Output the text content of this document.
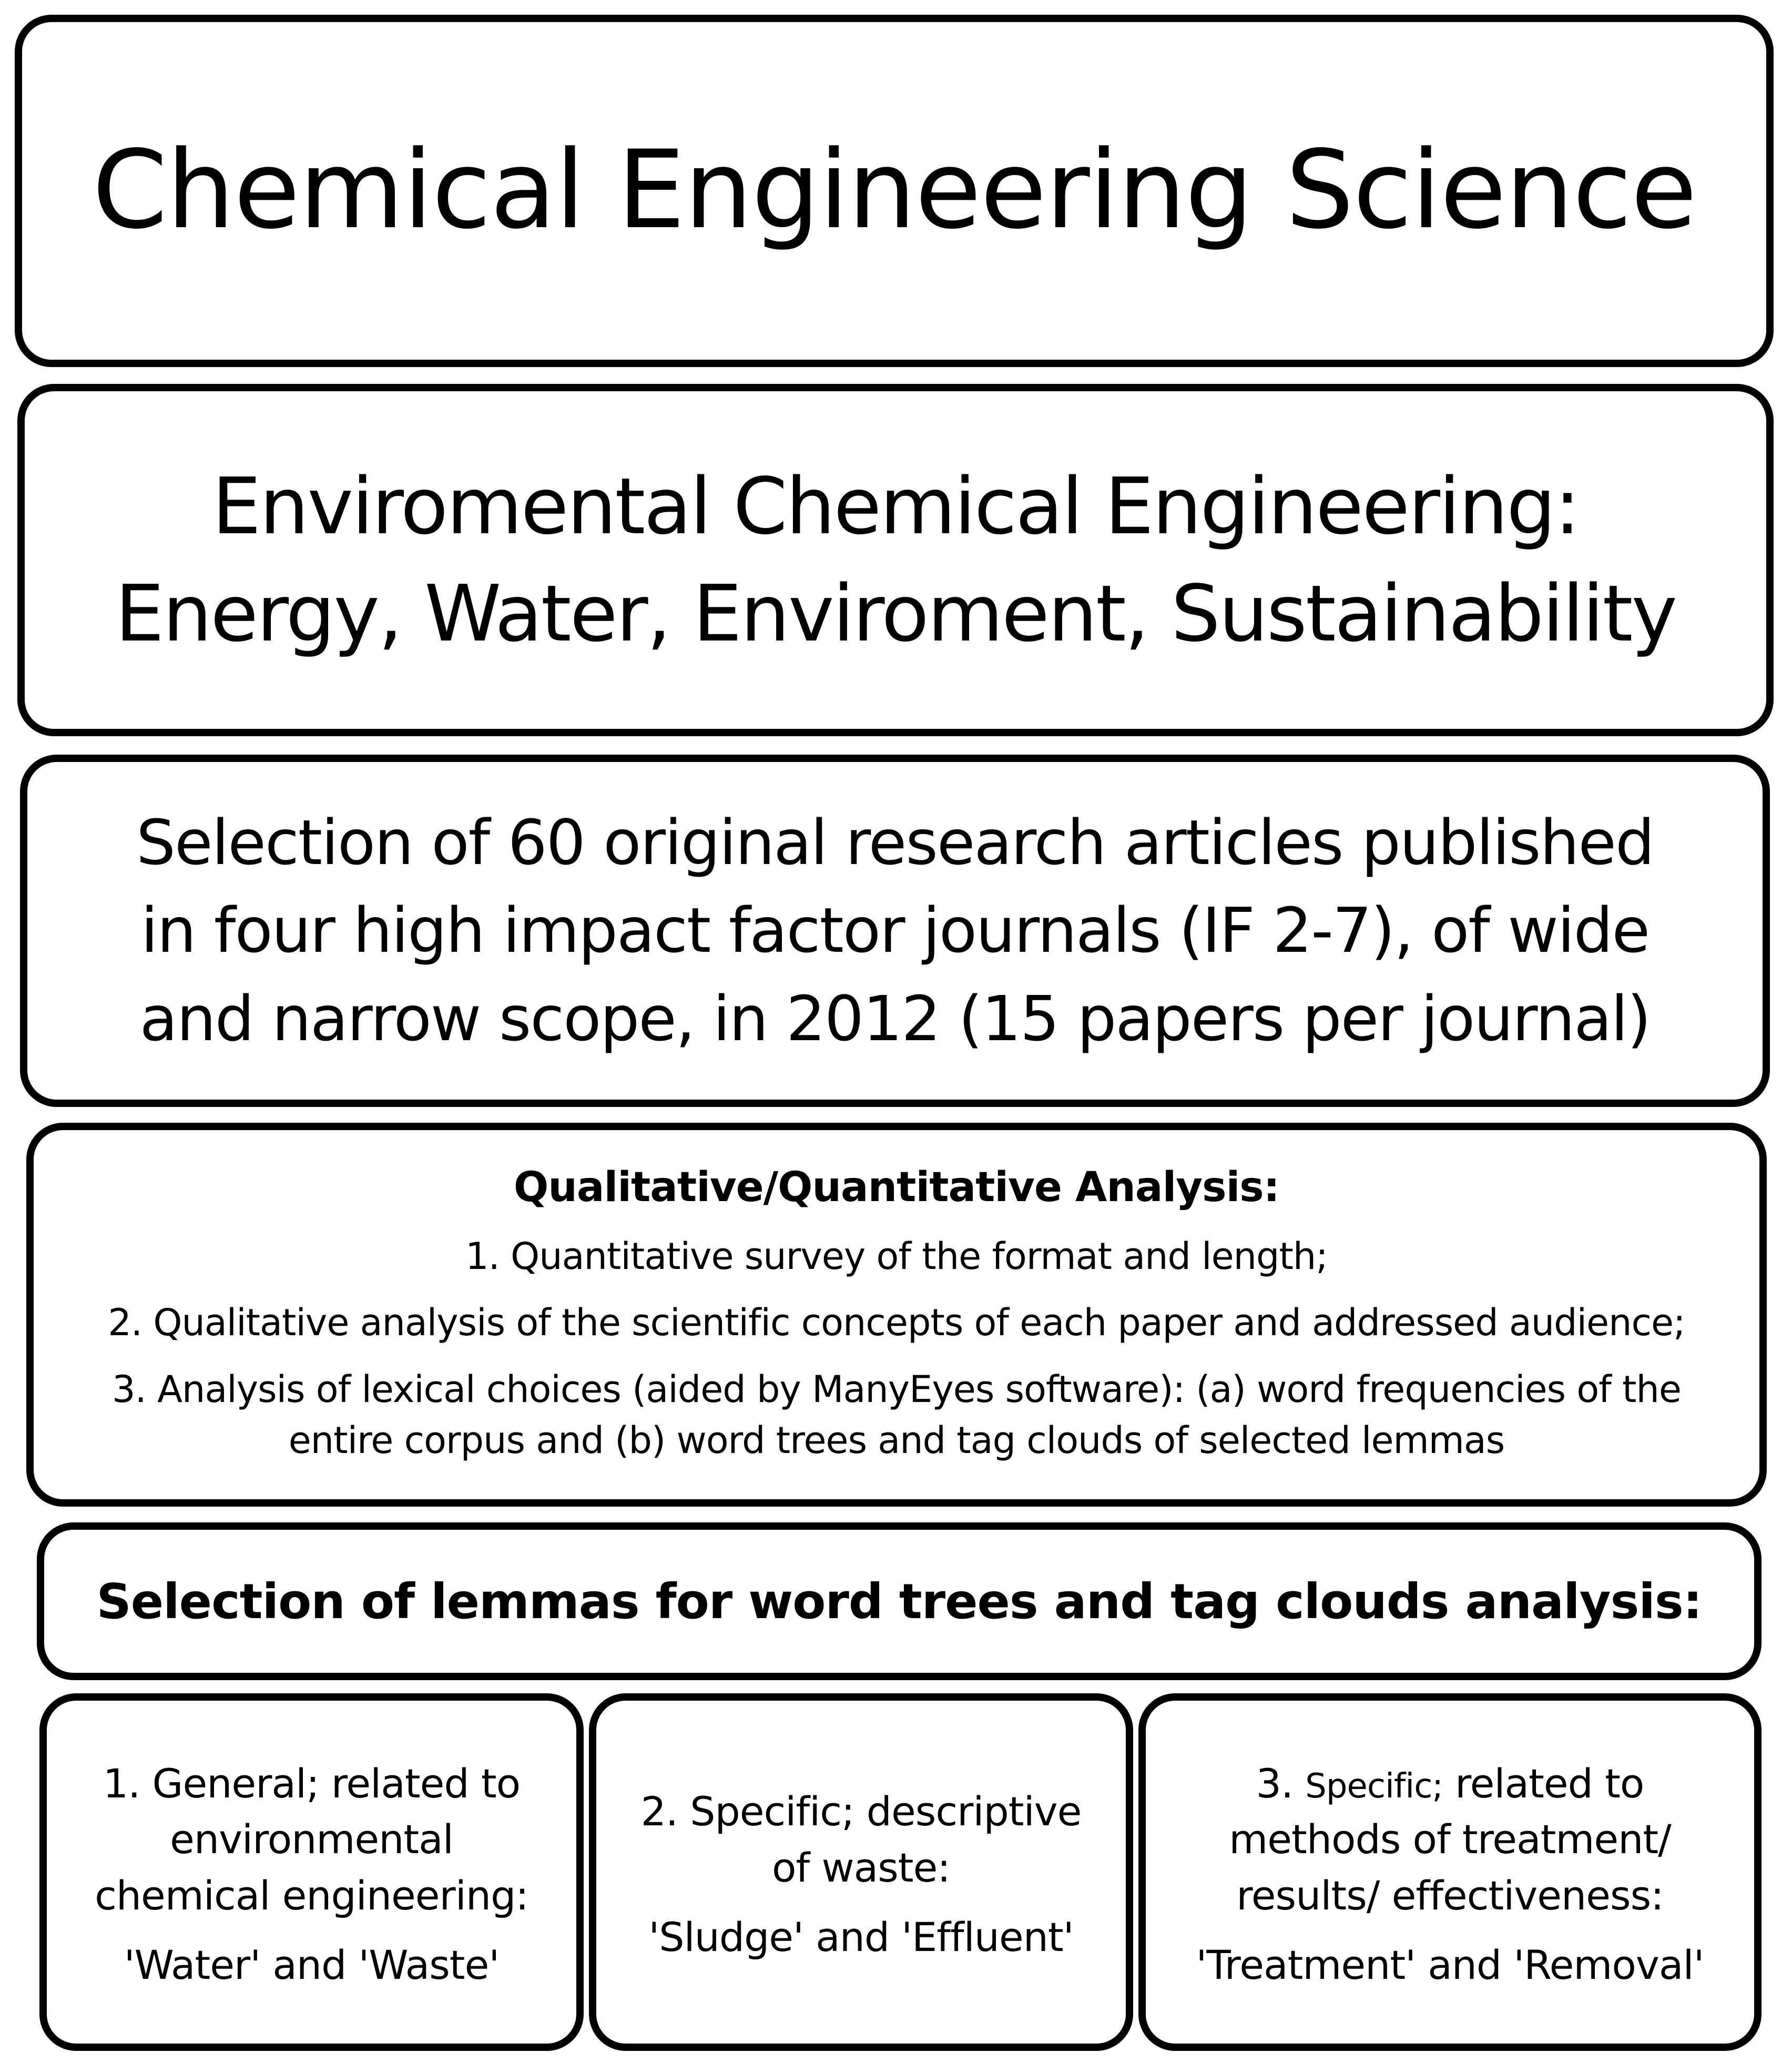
Chemical Engineering Science
Enviromental Chemical Engineering:
Energy, Water, Enviroment, Sustainability
Selection of 60 original research articles published
in four high impact factor journals (IF 2-7), of wide
and narrow scope, in 2012 (15 papers per journal)
Qualitative/Quantitative Analysis:
1. Quantitative survey of the format and length;
2. Qualitative analysis of the scientific concepts of each paper and addressed audience;
3. Analysis of lexical choices (aided by ManyEyes software): (a) word frequencies of the
entire corpus and (b) word trees and tag clouds of selected lemmas
Selection of lemmas for word trees and tag clouds analysis:
1. General; related to
environmental
chemical engineering:
'Water' and 'Waste'
2. Specific; descriptive
of waste:
'Sludge' and 'Effluent'
3. Specific; related to
methods of treatment/
results/ effectiveness:
'Treatment' and 'Removal'
